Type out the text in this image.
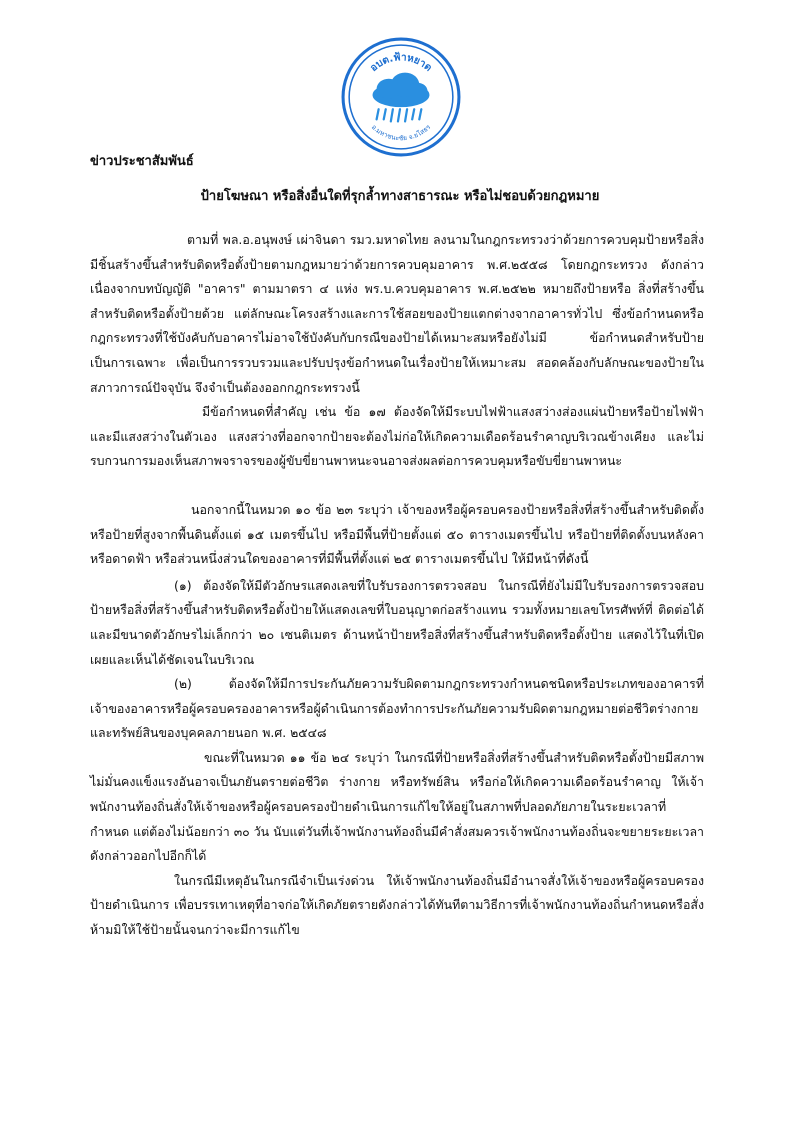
อบต.ฟ้าหยาด
อ.มหาชนะชัย จ.ยโสธร

ข่าวประชาสัมพันธ์

ป้ายโฆษณา หรือสิ่งอื่นใดที่รุกล้ำทางสาธารณะ หรือไม่ชอบด้วยกฎหมาย

ตามที่ พล.อ.อนุพงษ์ เผ่าจินดา รมว.มหาดไทย ลงนามในกฎกระทรวงว่าด้วยการควบคุมป้ายหรือสิ่งมีชิ้นสร้างขึ้นสำหรับติดหรือตั้งป้ายตามกฎหมายว่าด้วยการควบคุมอาคาร พ.ศ.๒๕๕๘ โดยกฎกระทรวง ดังกล่าวเนื่องจากบทบัญญัติ "อาคาร" ตามมาตรา ๔ แห่ง พร.บ.ควบคุมอาคาร พ.ศ.๒๕๒๒ หมายถึงป้ายหรือ สิ่งที่สร้างขึ้นสำหรับติดหรือตั้งป้ายด้วย แต่ลักษณะโครงสร้างและการใช้สอยของป้ายแตกต่างจากอาคารทั่วไป ซึ่งข้อกำหนดหรือกฎกระทรวงที่ใช้บังคับกับอาคารไม่อาจใช้บังคับกับกรณีของป้ายได้เหมาะสมหรือยังไม่มี ข้อกำหนดสำหรับป้ายเป็นการเฉพาะ เพื่อเป็นการรวบรวมและปรับปรุงข้อกำหนดในเรื่องป้ายให้เหมาะสม สอดคล้องกับลักษณะของป้ายในสภาวการณ์ปัจจุบัน จึงจำเป็นต้องออกกฎกระทรวงนี้

มีข้อกำหนดที่สำคัญ เช่น ข้อ ๑๗ ต้องจัดให้มีระบบไฟฟ้าแสงสว่างส่องแผ่นป้ายหรือป้ายไฟฟ้าและมีแสงสว่างในตัวเอง แสงสว่างที่ออกจากป้ายจะต้องไม่ก่อให้เกิดความเดือดร้อนรำคาญบริเวณข้างเคียง และไม่รบกวนการมองเห็นสภาพจราจรของผู้ขับขี่ยานพาหนะจนอาจส่งผลต่อการควบคุมหรือขับขี่ยานพาหนะ

นอกจากนี้ในหมวด ๑๐ ข้อ ๒๓ ระบุว่า เจ้าของหรือผู้ครอบครองป้ายหรือสิ่งที่สร้างขึ้นสำหรับติดตั้งหรือป้ายที่สูงจากพื้นดินตั้งแต่ ๑๕ เมตรขึ้นไป หรือมีพื้นที่ป้ายตั้งแต่ ๕๐ ตารางเมตรขึ้นไป หรือป้ายที่ติดตั้งบนหลังคา หรือดาดฟ้า หรือส่วนหนึ่งส่วนใดของอาคารที่มีพื้นที่ตั้งแต่ ๒๕ ตารางเมตรขึ้นไป ให้มีหน้าที่ดังนี้

(๑) ต้องจัดให้มีตัวอักษรแสดงเลขที่ใบรับรองการตรวจสอบ ในกรณีที่ยังไม่มีใบรับรองการตรวจสอบ ป้ายหรือสิ่งที่สร้างขึ้นสำหรับติดหรือตั้งป้ายให้แสดงเลขที่ใบอนุญาตก่อสร้างแทน รวมทั้งหมายเลขโทรศัพท์ที่ ติดต่อได้ และมีขนาดตัวอักษรไม่เล็กกว่า ๒๐ เซนติเมตร ด้านหน้าป้ายหรือสิ่งที่สร้างขึ้นสำหรับติดหรือตั้งป้าย แสดงไว้ในที่เปิดเผยและเห็นได้ชัดเจนในบริเวณ

(๒) ต้องจัดให้มีการประกันภัยความรับผิดตามกฎกระทรวงกำหนดชนิดหรือประเภทของอาคารที่เจ้าของอาคารหรือผู้ครอบครองอาคารหรือผู้ดำเนินการต้องทำการประกันภัยความรับผิดตามกฎหมายต่อชีวิตร่างกาย และทรัพย์สินของบุคคลภายนอก พ.ศ. ๒๕๔๘

ขณะที่ในหมวด ๑๑ ข้อ ๒๔ ระบุว่า ในกรณีที่ป้ายหรือสิ่งที่สร้างขึ้นสำหรับติดหรือตั้งป้ายมีสภาพไม่มั่นคงแข็งแรงอันอาจเป็นภยันตรายต่อชีวิต ร่างกาย หรือทรัพย์สิน หรือก่อให้เกิดความเดือดร้อนรำคาญ ให้เจ้าพนักงานท้องถิ่นสั่งให้เจ้าของหรือผู้ครอบครองป้ายดำเนินการแก้ไขให้อยู่ในสภาพที่ปลอดภัยภายในระยะเวลาที่กำหนด แต่ต้องไม่น้อยกว่า ๓๐ วัน นับแต่วันที่เจ้าพนักงานท้องถิ่นมีคำสั่งสมควรเจ้าพนักงานท้องถิ่นจะขยายระยะเวลาดังกล่าวออกไปอีกก็ได้

ในกรณีมีเหตุอันในกรณีจำเป็นเร่งด่วน ให้เจ้าพนักงานท้องถิ่นมีอำนาจสั่งให้เจ้าของหรือผู้ครอบครองป้ายดำเนินการ เพื่อบรรเทาเหตุที่อาจก่อให้เกิดภัยตรายดังกล่าวได้ทันทีตามวิธีการที่เจ้าพนักงานท้องถิ่นกำหนดหรือสั่งห้ามมิให้ใช้ป้ายนั้นจนกว่าจะมีการแก้ไข
